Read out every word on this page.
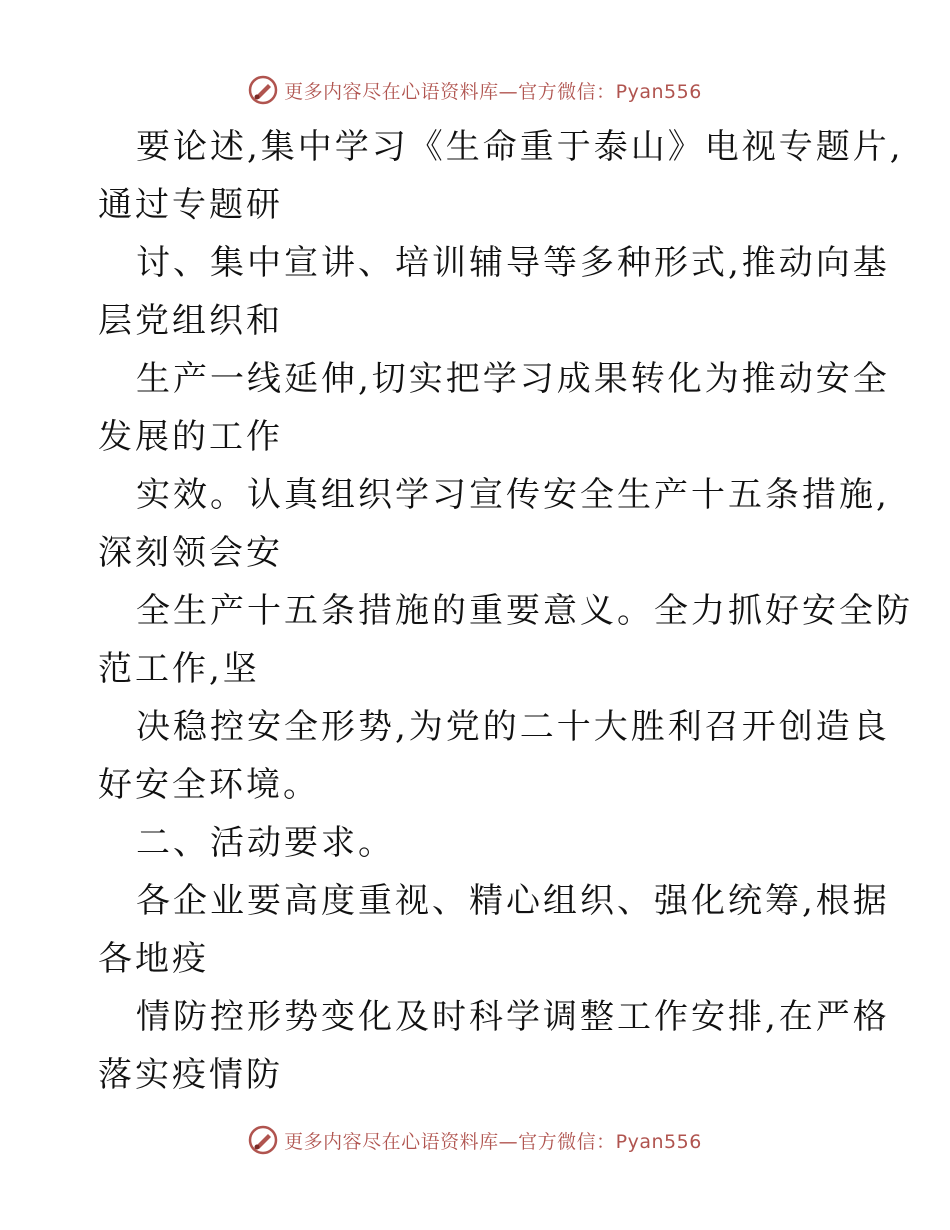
更多内容尽在心语资料库—官方微信：Pyan556

要论述,集中学习《生命重于泰山》电视专题片,
通过专题研

讨、集中宣讲、培训辅导等多种形式,推动向基
层党组织和

生产一线延伸,切实把学习成果转化为推动安全
发展的工作

实效。认真组织学习宣传安全生产十五条措施,
深刻领会安

全生产十五条措施的重要意义。全力抓好安全防
范工作,坚

决稳控安全形势,为党的二十大胜利召开创造良
好安全环境。

二、活动要求。

各企业要高度重视、精心组织、强化统筹,根据
各地疫

情防控形势变化及时科学调整工作安排,在严格
落实疫情防

更多内容尽在心语资料库—官方微信：Pyan556
